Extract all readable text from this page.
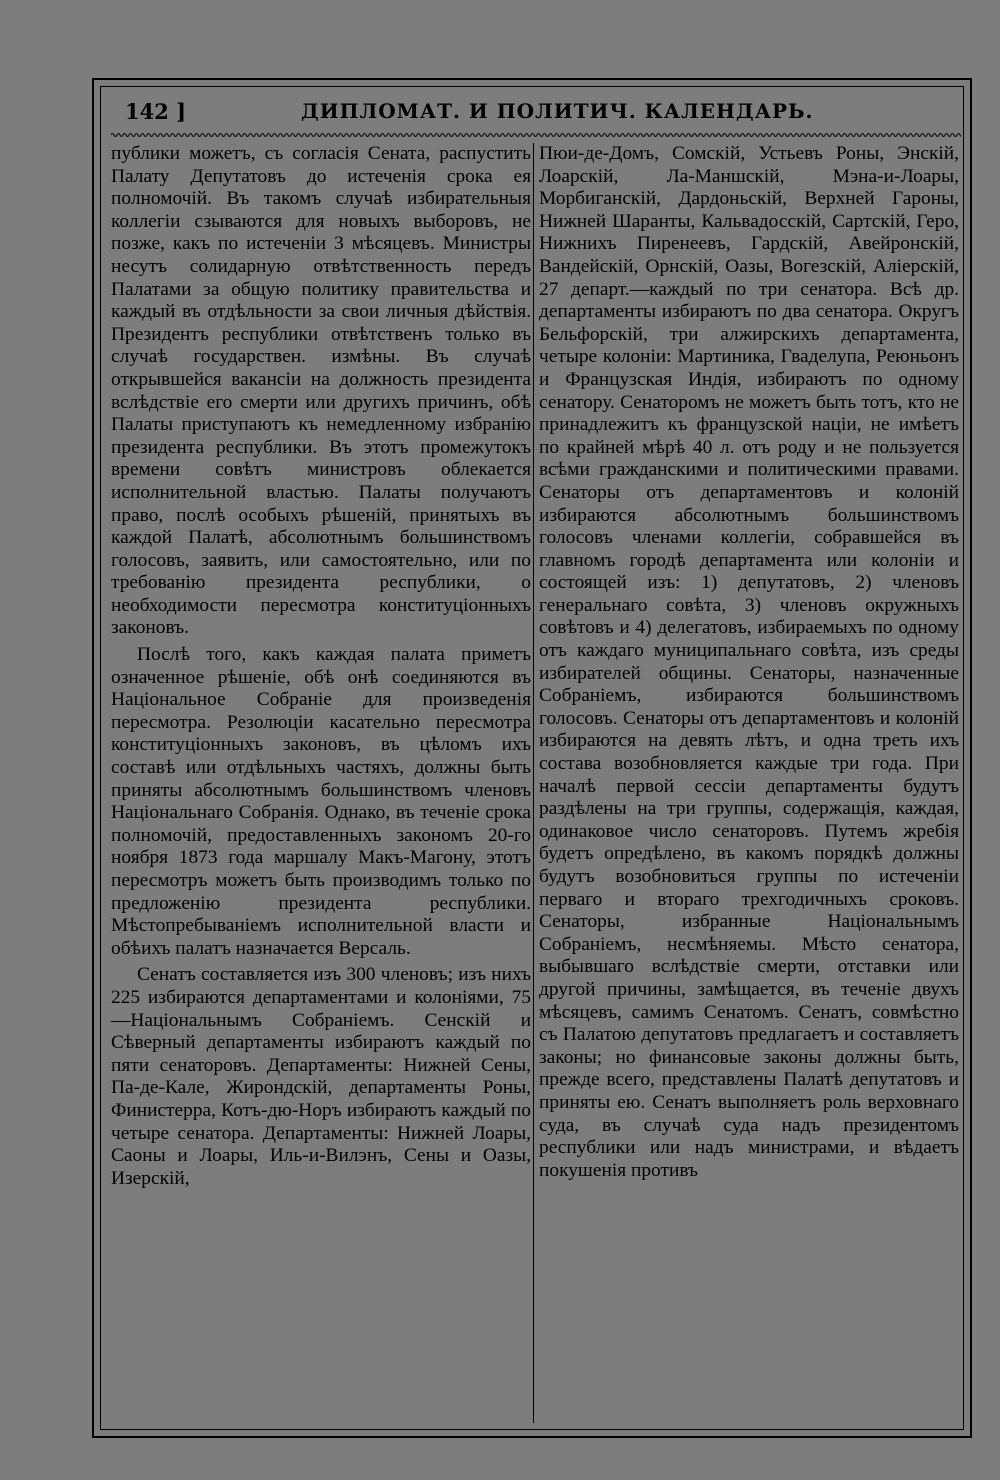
142 ]	ДИПЛОМАТ. И ПОЛИТИЧ. КАЛЕНДАРЬ.

публики можетъ, съ согласія Сената, распустить Палату Депутатовъ до истеченія срока ея полномочій. Въ такомъ случаѣ избирательныя коллегіи сзываются для новыхъ выборовъ, не позже, какъ по истеченіи 3 мѣсяцевъ. Министры несутъ солидарную отвѣтственность передъ Палатами за общую политику правительства и каждый въ отдѣльности за свои личныя дѣйствія. Президентъ республики отвѣтственъ только въ случаѣ государствен. измѣны. Въ случаѣ открывшейся вакансіи на должность президента вслѣдствіе его смерти или другихъ причинъ, обѣ Палаты приступаютъ къ немедленному избранію президента республики. Въ этотъ промежутокъ времени совѣтъ министровъ облекается исполнительной властью. Палаты получаютъ право, послѣ особыхъ рѣшеній, принятыхъ въ каждой Палатѣ, абсолютнымъ большинствомъ голосовъ, заявить, или самостоятельно, или по требованію президента республики, о необходимости пересмотра конституціонныхъ законовъ.

Послѣ того, какъ каждая палата приметъ означенное рѣшеніе, обѣ онѣ соединяются въ Національное Собраніе для произведенія пересмотра. Резолюціи касательно пересмотра конституціонныхъ законовъ, въ цѣломъ ихъ составѣ или отдѣльныхъ частяхъ, должны быть приняты абсолютнымъ большинствомъ членовъ Національнаго Собранія. Однако, въ теченіе срока полномочій, предоставленныхъ закономъ 20-го ноября 1873 года маршалу Макъ-Магону, этотъ пересмотръ можетъ быть производимъ только по предложенію президента республики. Мѣстопребываніемъ исполнительной власти и обѣихъ палатъ назначается Версаль.

Сенатъ составляется изъ 300 членовъ; изъ нихъ 225 избираются департаментами и колоніями, 75—Національнымъ Собраніемъ. Сенскій и Сѣверный департаменты избираютъ каждый по пяти сенаторовъ. Департаменты: Нижней Сены, Па-де-Кале, Жирондскій, департаменты Роны, Финистерра, Котъ-дю-Норъ избираютъ каждый по четыре сенатора. Департаменты: Нижней Лоары, Саоны и Лоары, Иль-и-Вилэнъ, Сены и Оазы, Изерскій,

Пюи-де-Домъ, Сомскій, Устьевъ Роны, Энскій, Лоарскій, Ла-Маншскій, Мэна-и-Лоары, Морбиганскій, Дардоньскій, Верхней Гароны, Нижней Шаранты, Кальвадосскій, Сартскій, Геро, Нижнихъ Пиренеевъ, Гардскій, Авейронскій, Вандейскій, Орнскій, Оазы, Вогезскій, Аліерскій, 27 департ.—каждый по три сенатора. Всѣ др. департаменты избираютъ по два сенатора. Округъ Бельфорскій, три алжирскихъ департамента, четыре колоніи: Мартиника, Гваделупа, Реюньонъ и Французская Индія, избираютъ по одному сенатору. Сенаторомъ не можетъ быть тотъ, кто не принадлежитъ къ французской націи, не имѣетъ по крайней мѣрѣ 40 л. отъ роду и не пользуется всѣми гражданскими и политическими правами. Сенаторы отъ департаментовъ и колоній избираются абсолютнымъ большинствомъ голосовъ членами коллегіи, собравшейся въ главномъ городѣ департамента или колоніи и состоящей изъ: 1) депутатовъ, 2) членовъ генеральнаго совѣта, 3) членовъ окружныхъ совѣтовъ и 4) делегатовъ, избираемыхъ по одному отъ каждаго муниципальнаго совѣта, изъ среды избирателей общины. Сенаторы, назначенные Собраніемъ, избираются большинствомъ голосовъ. Сенаторы отъ департаментовъ и колоній избираются на девять лѣтъ, и одна треть ихъ состава возобновляется каждые три года. При началѣ первой сессіи департаменты будутъ раздѣлены на три группы, содержащія, каждая, одинаковое число сенаторовъ. Путемъ жребія будетъ опредѣлено, въ какомъ порядкѣ должны будутъ возобновиться группы по истеченіи перваго и втораго трехгодичныхъ сроковъ. Сенаторы, избранные Національнымъ Собраніемъ, несмѣняемы. Мѣсто сенатора, выбывшаго вслѣдствіе смерти, отставки или другой причины, замѣщается, въ теченіе двухъ мѣсяцевъ, самимъ Сенатомъ. Сенатъ, совмѣстно съ Палатою депутатовъ предлагаетъ и составляетъ законы; но финансовые законы должны быть, прежде всего, представлены Палатѣ депутатовъ и приняты ею. Сенатъ выполняетъ роль верховнаго суда, въ случаѣ суда надъ президентомъ республики или надъ министрами, и вѣдаетъ покушенія противъ
